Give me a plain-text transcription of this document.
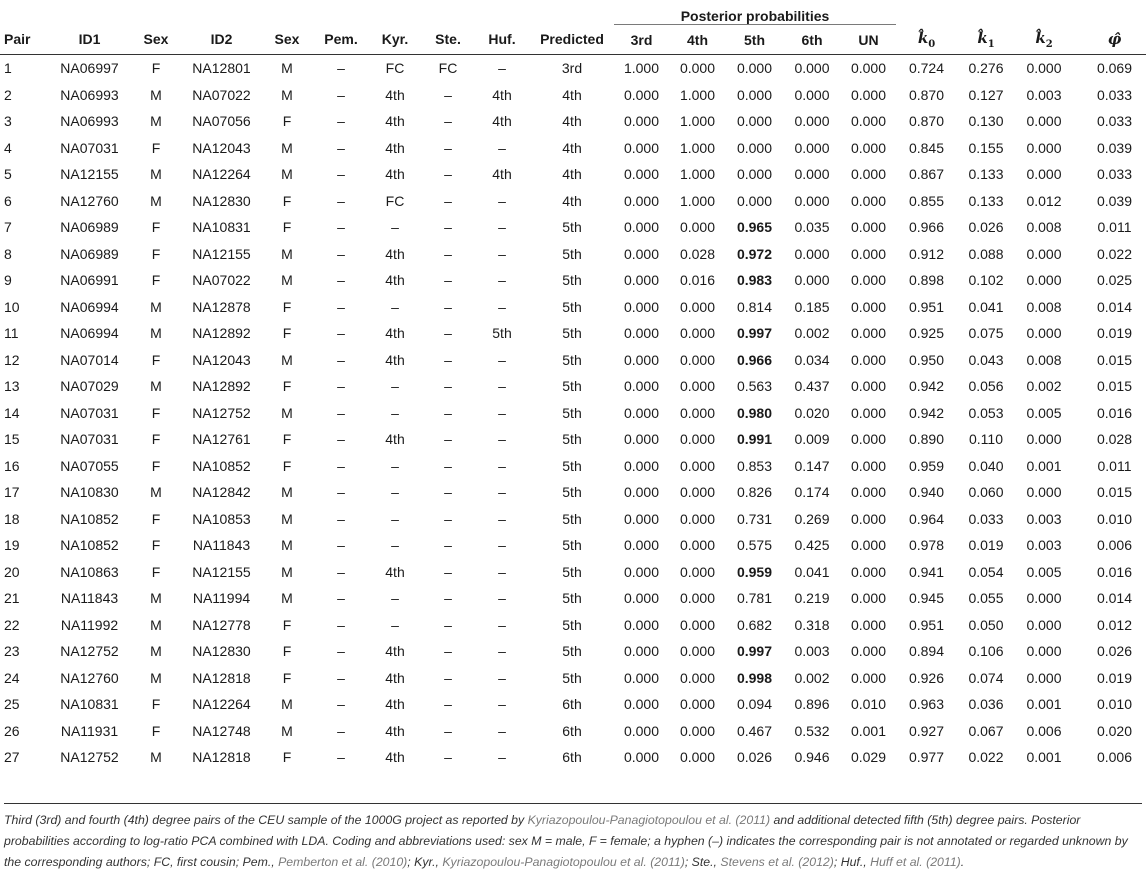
										Posterior probabilities								
Pair	ID1	Sex	ID2	Sex	Pem.	Kyr.	Ste.	Huf.	Predicted	3rd	4th	5th	6th	UN	$k̂_0$	$k̂_1$	$k̂_2$	φ̂
1	NA06997	F	NA12801	M	–	FC	FC	–	3rd	1.000	0.000	0.000	0.000	0.000	0.724	0.276	0.000	0.069
2	NA06993	M	NA07022	M	–	4th	–	4th	4th	0.000	1.000	0.000	0.000	0.000	0.870	0.127	0.003	0.033
3	NA06993	M	NA07056	F	–	4th	–	4th	4th	0.000	1.000	0.000	0.000	0.000	0.870	0.130	0.000	0.033
4	NA07031	F	NA12043	M	–	4th	–	–	4th	0.000	1.000	0.000	0.000	0.000	0.845	0.155	0.000	0.039
5	NA12155	M	NA12264	M	–	4th	–	4th	4th	0.000	1.000	0.000	0.000	0.000	0.867	0.133	0.000	0.033
6	NA12760	M	NA12830	F	–	FC	–	–	4th	0.000	1.000	0.000	0.000	0.000	0.855	0.133	0.012	0.039
7	NA06989	F	NA10831	F	–	–	–	–	5th	0.000	0.000	0.965	0.035	0.000	0.966	0.026	0.008	0.011
8	NA06989	F	NA12155	M	–	4th	–	–	5th	0.000	0.028	0.972	0.000	0.000	0.912	0.088	0.000	0.022
9	NA06991	F	NA07022	M	–	4th	–	–	5th	0.000	0.016	0.983	0.000	0.000	0.898	0.102	0.000	0.025
10	NA06994	M	NA12878	F	–	–	–	–	5th	0.000	0.000	0.814	0.185	0.000	0.951	0.041	0.008	0.014
11	NA06994	M	NA12892	F	–	4th	–	5th	5th	0.000	0.000	0.997	0.002	0.000	0.925	0.075	0.000	0.019
12	NA07014	F	NA12043	M	–	4th	–	–	5th	0.000	0.000	0.966	0.034	0.000	0.950	0.043	0.008	0.015
13	NA07029	M	NA12892	F	–	–	–	–	5th	0.000	0.000	0.563	0.437	0.000	0.942	0.056	0.002	0.015
14	NA07031	F	NA12752	M	–	–	–	–	5th	0.000	0.000	0.980	0.020	0.000	0.942	0.053	0.005	0.016
15	NA07031	F	NA12761	F	–	4th	–	–	5th	0.000	0.000	0.991	0.009	0.000	0.890	0.110	0.000	0.028
16	NA07055	F	NA10852	F	–	–	–	–	5th	0.000	0.000	0.853	0.147	0.000	0.959	0.040	0.001	0.011
17	NA10830	M	NA12842	M	–	–	–	–	5th	0.000	0.000	0.826	0.174	0.000	0.940	0.060	0.000	0.015
18	NA10852	F	NA10853	M	–	–	–	–	5th	0.000	0.000	0.731	0.269	0.000	0.964	0.033	0.003	0.010
19	NA10852	F	NA11843	M	–	–	–	–	5th	0.000	0.000	0.575	0.425	0.000	0.978	0.019	0.003	0.006
20	NA10863	F	NA12155	M	–	4th	–	–	5th	0.000	0.000	0.959	0.041	0.000	0.941	0.054	0.005	0.016
21	NA11843	M	NA11994	M	–	–	–	–	5th	0.000	0.000	0.781	0.219	0.000	0.945	0.055	0.000	0.014
22	NA11992	M	NA12778	F	–	–	–	–	5th	0.000	0.000	0.682	0.318	0.000	0.951	0.050	0.000	0.012
23	NA12752	M	NA12830	F	–	4th	–	–	5th	0.000	0.000	0.997	0.003	0.000	0.894	0.106	0.000	0.026
24	NA12760	M	NA12818	F	–	4th	–	–	5th	0.000	0.000	0.998	0.002	0.000	0.926	0.074	0.000	0.019
25	NA10831	F	NA12264	M	–	4th	–	–	6th	0.000	0.000	0.094	0.896	0.010	0.963	0.036	0.001	0.010
26	NA11931	F	NA12748	M	–	4th	–	–	6th	0.000	0.000	0.467	0.532	0.001	0.927	0.067	0.006	0.020
27	NA12752	M	NA12818	F	–	4th	–	–	6th	0.000	0.000	0.026	0.946	0.029	0.977	0.022	0.001	0.006
Third (3rd) and fourth (4th) degree pairs of the CEU sample of the 1000G project as reported by Kyriazopoulou-Panagiotopoulou et al. (2011) and additional detected fifth (5th) degree pairs. Posterior probabilities according to log-ratio PCA combined with LDA. Coding and abbreviations used: sex M = male, F = female; a hyphen (–) indicates the corresponding pair is not annotated or regarded unknown by the corresponding authors; FC, first cousin; Pem., Pemberton et al. (2010); Kyr., Kyriazopoulou-Panagiotopoulou et al. (2011); Ste., Stevens et al. (2012); Huf., Huff et al. (2011).
